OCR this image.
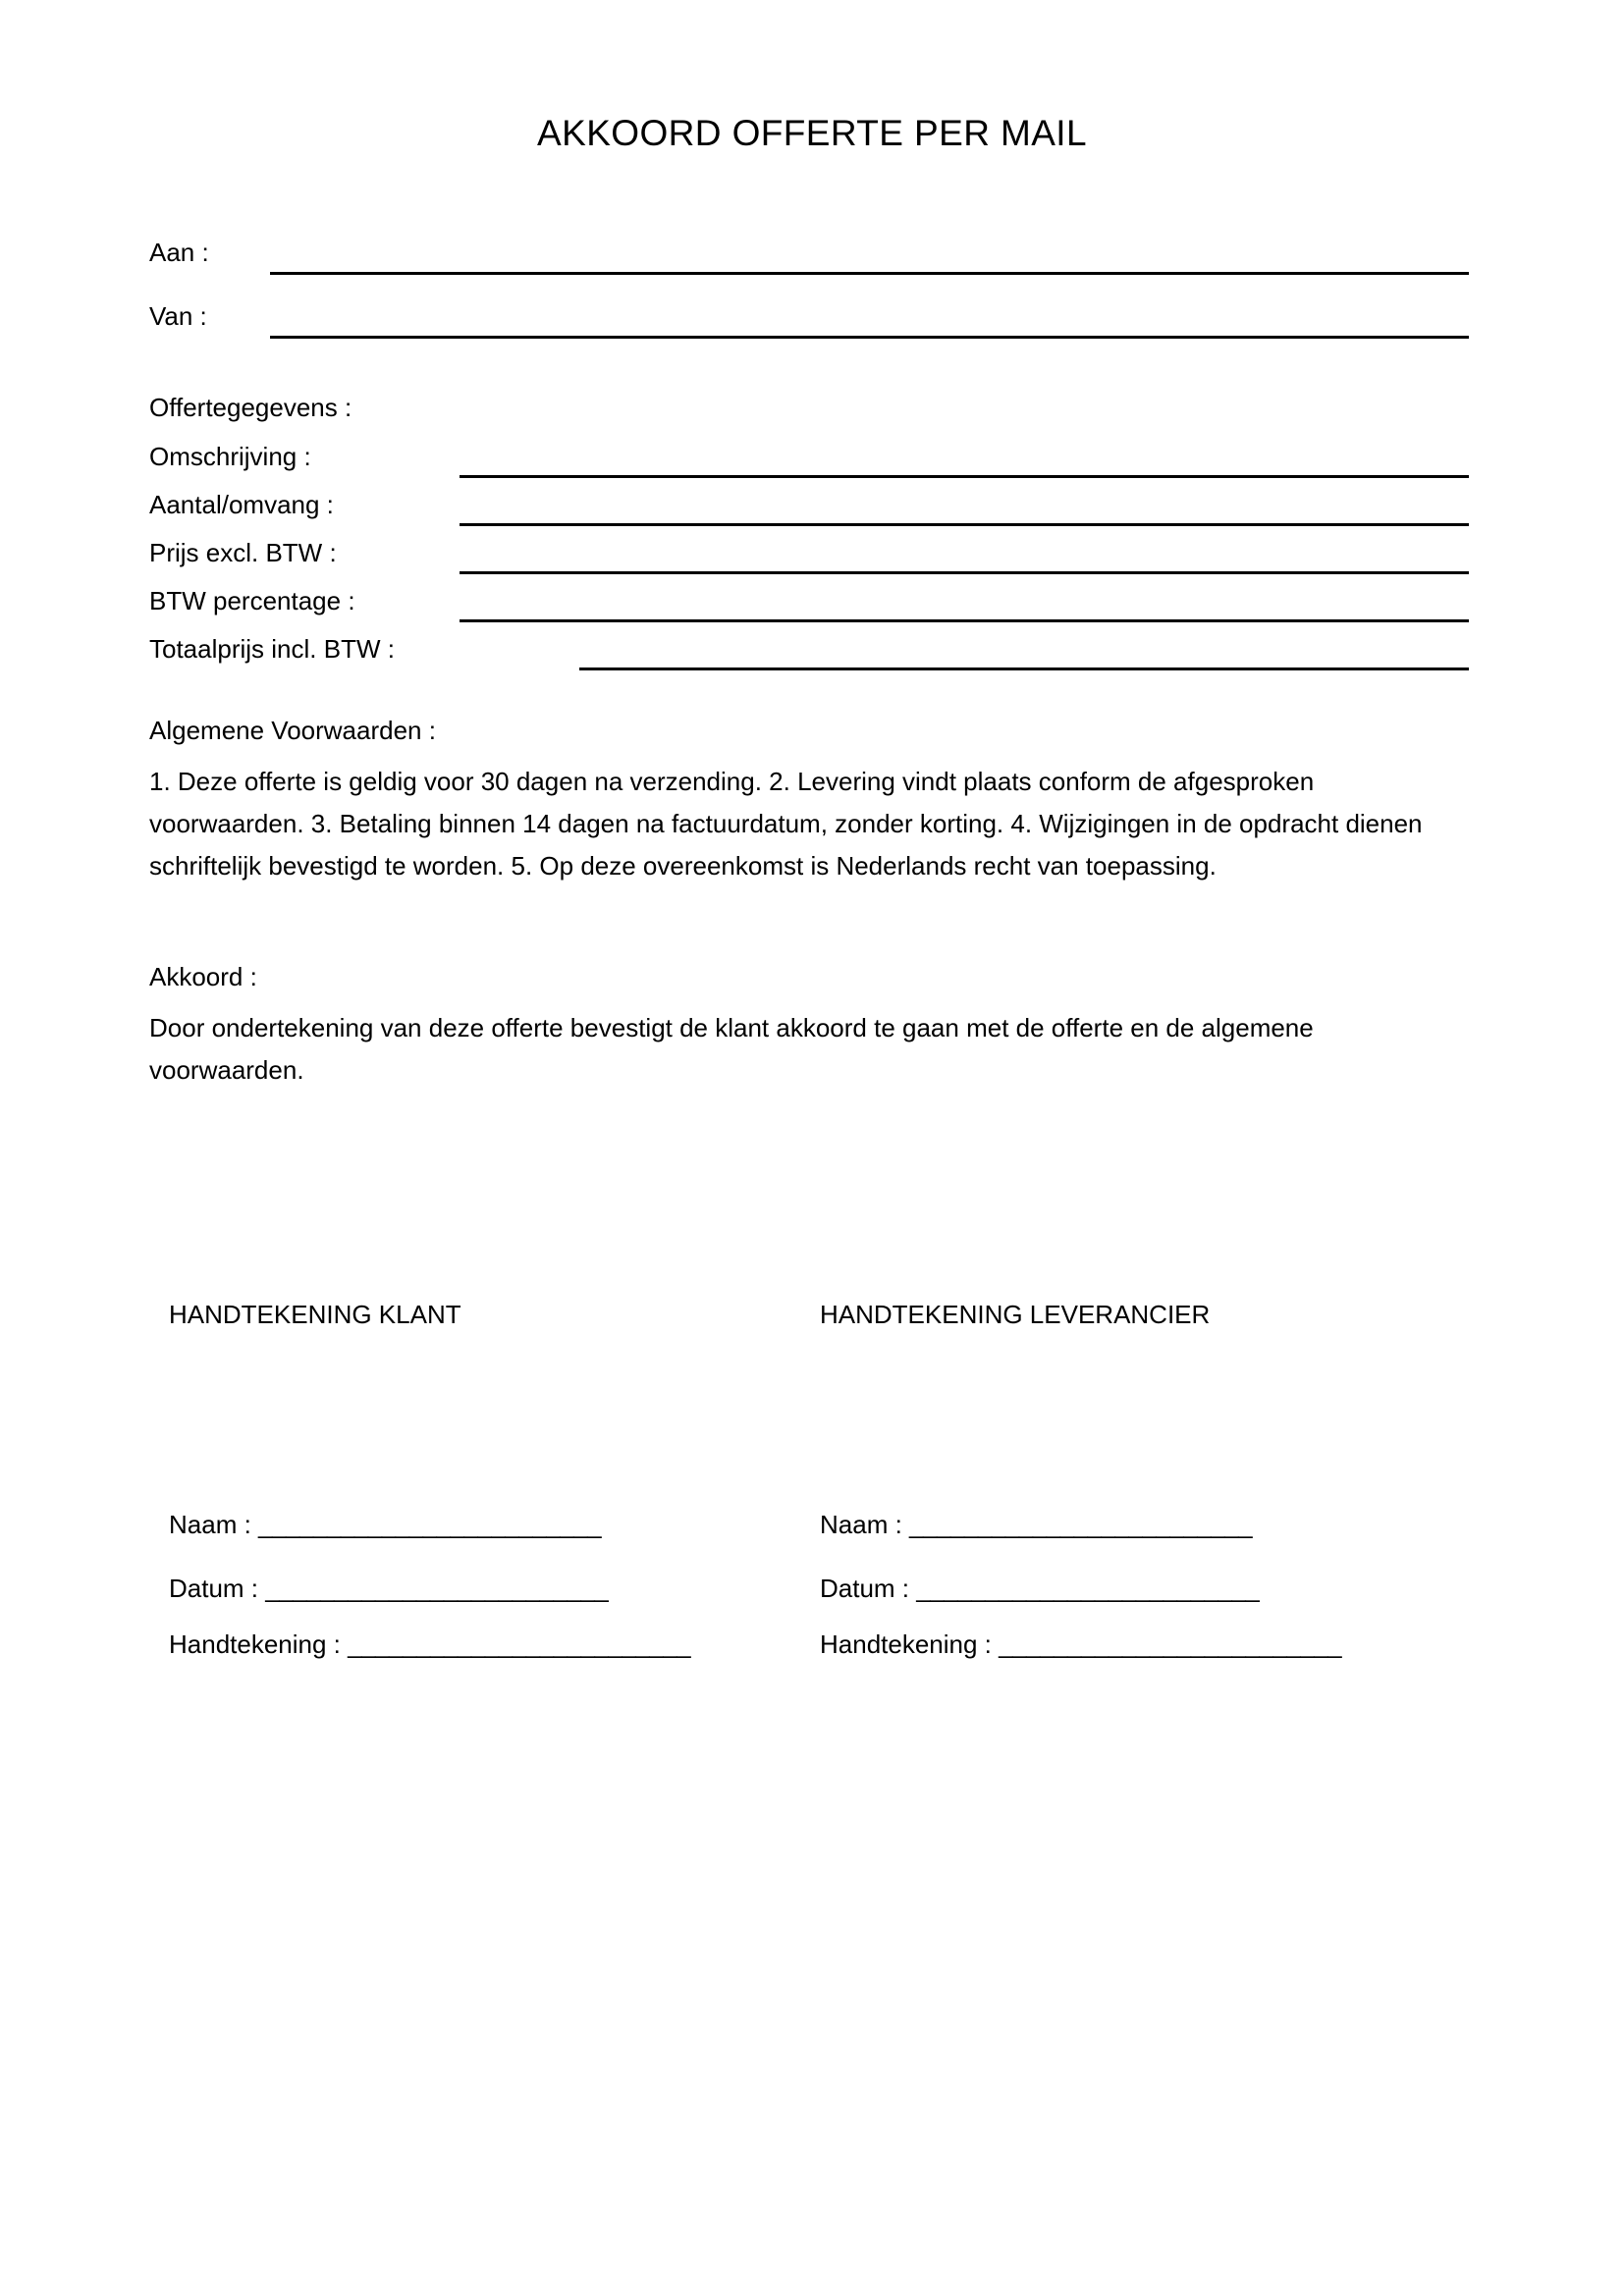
AKKOORD OFFERTE PER MAIL
Aan :
Van :
Offertegegevens :
Omschrijving :
Aantal/omvang :
Prijs excl. BTW :
BTW percentage :
Totaalprijs incl. BTW :
Algemene Voorwaarden :
1. Deze offerte is geldig voor 30 dagen na verzending. 2. Levering vindt plaats conform de afgesproken voorwaarden. 3. Betaling binnen 14 dagen na factuurdatum, zonder korting. 4. Wijzigingen in de opdracht dienen schriftelijk bevestigd te worden. 5. Op deze overeenkomst is Nederlands recht van toepassing.
Akkoord :
Door ondertekening van deze offerte bevestigt de klant akkoord te gaan met de offerte en de algemene voorwaarden.
HANDTEKENING KLANT	HANDTEKENING LEVERANCIER
Naam : _________________________
Datum : _________________________
Handtekening : _________________________
Naam : _________________________
Datum : _________________________
Handtekening : _________________________
